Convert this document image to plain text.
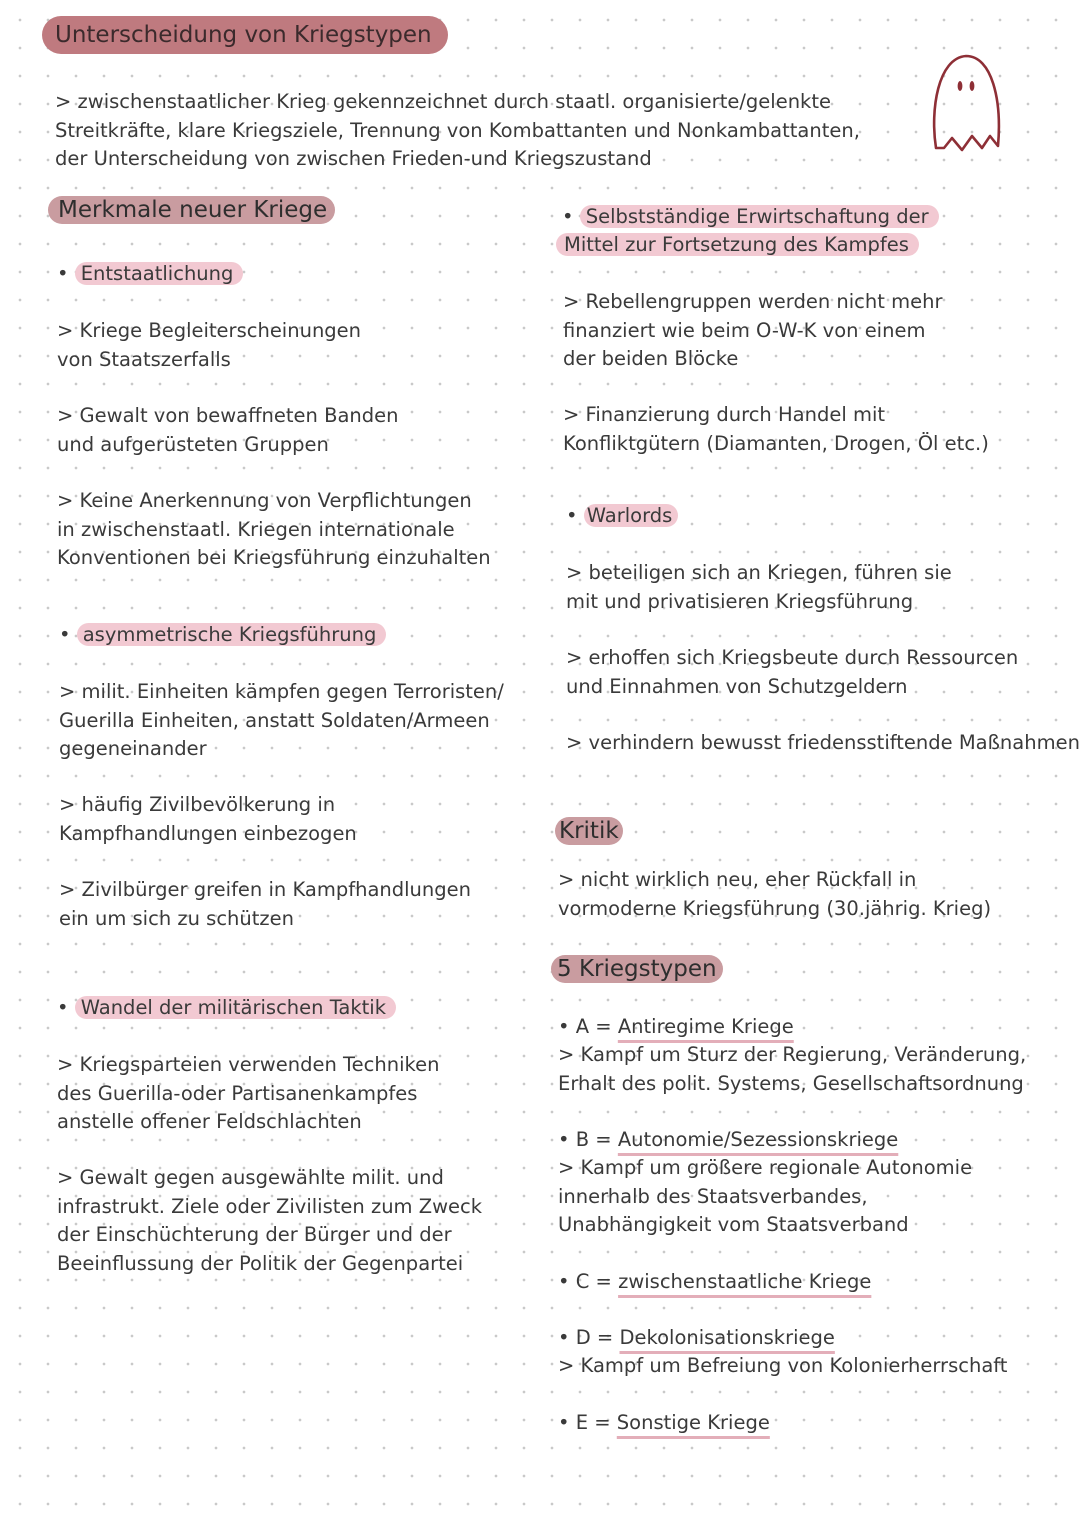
Unterscheidung von Kriegstypen

> zwischenstaatlicher Krieg gekennzeichnet durch staatl. organisierte/gelenkte

Streitkräfte, klare Kriegsziele, Trennung von Kombattanten und Nonkambattanten,

der Unterscheidung von zwischen Frieden-und Kriegszustand

Merkmale neuer Kriege
• Entstaatlichung

> Kriege Begleiterscheinungen

von Staatszerfalls

> Gewalt von bewaffneten Banden

und aufgerüsteten Gruppen

> Keine Anerkennung von Verpflichtungen

in zwischenstaatl. Kriegen internationale

Konventionen bei Kriegsführung einzuhalten

• asymmetrische Kriegsführung

> milit. Einheiten kämpfen gegen Terroristen/

Guerilla Einheiten, anstatt Soldaten/Armeen

gegeneinander

> häufig Zivilbevölkerung in

Kampfhandlungen einbezogen

> Zivilbürger greifen in Kampfhandlungen

ein um sich zu schützen

• Wandel der militärischen Taktik

> Kriegsparteien verwenden Techniken

des Guerilla-oder Partisanenkampfes

anstelle offener Feldschlachten

> Gewalt gegen ausgewählte milit. und

infrastrukt. Ziele oder Zivilisten zum Zweck

der Einschüchterung der Bürger und der

Beeinflussung der Politik der Gegenpartei

• Selbstständige Erwirtschaftung der
Mittel zur Fortsetzung des Kampfes

> Rebellengruppen werden nicht mehr

finanziert wie beim O-W-K von einem

der beiden Blöcke

> Finanzierung durch Handel mit

Konfliktgütern (Diamanten, Drogen, Öl etc.)

• Warlords

> beteiligen sich an Kriegen, führen sie

mit und privatisieren Kriegsführung

> erhoffen sich Kriegsbeute durch Ressourcen

und Einnahmen von Schutzgeldern

> verhindern bewusst friedensstiftende Maßnahmen

Kritik

> nicht wirklich neu, eher Rückfall in

vormoderne Kriegsführung (30.jährig. Krieg)

5 Kriegstypen
• A = Antiregime Kriege

> Kampf um Sturz der Regierung, Veränderung,

Erhalt des polit. Systems, Gesellschaftsordnung

• B = Autonomie/Sezessionskriege

> Kampf um größere regionale Autonomie

innerhalb des Staatsverbandes,

Unabhängigkeit vom Staatsverband

• C = zwischenstaatliche Kriege
• D = Dekolonisationskriege

> Kampf um Befreiung von Kolonierherrschaft

• E = Sonstige Kriege
